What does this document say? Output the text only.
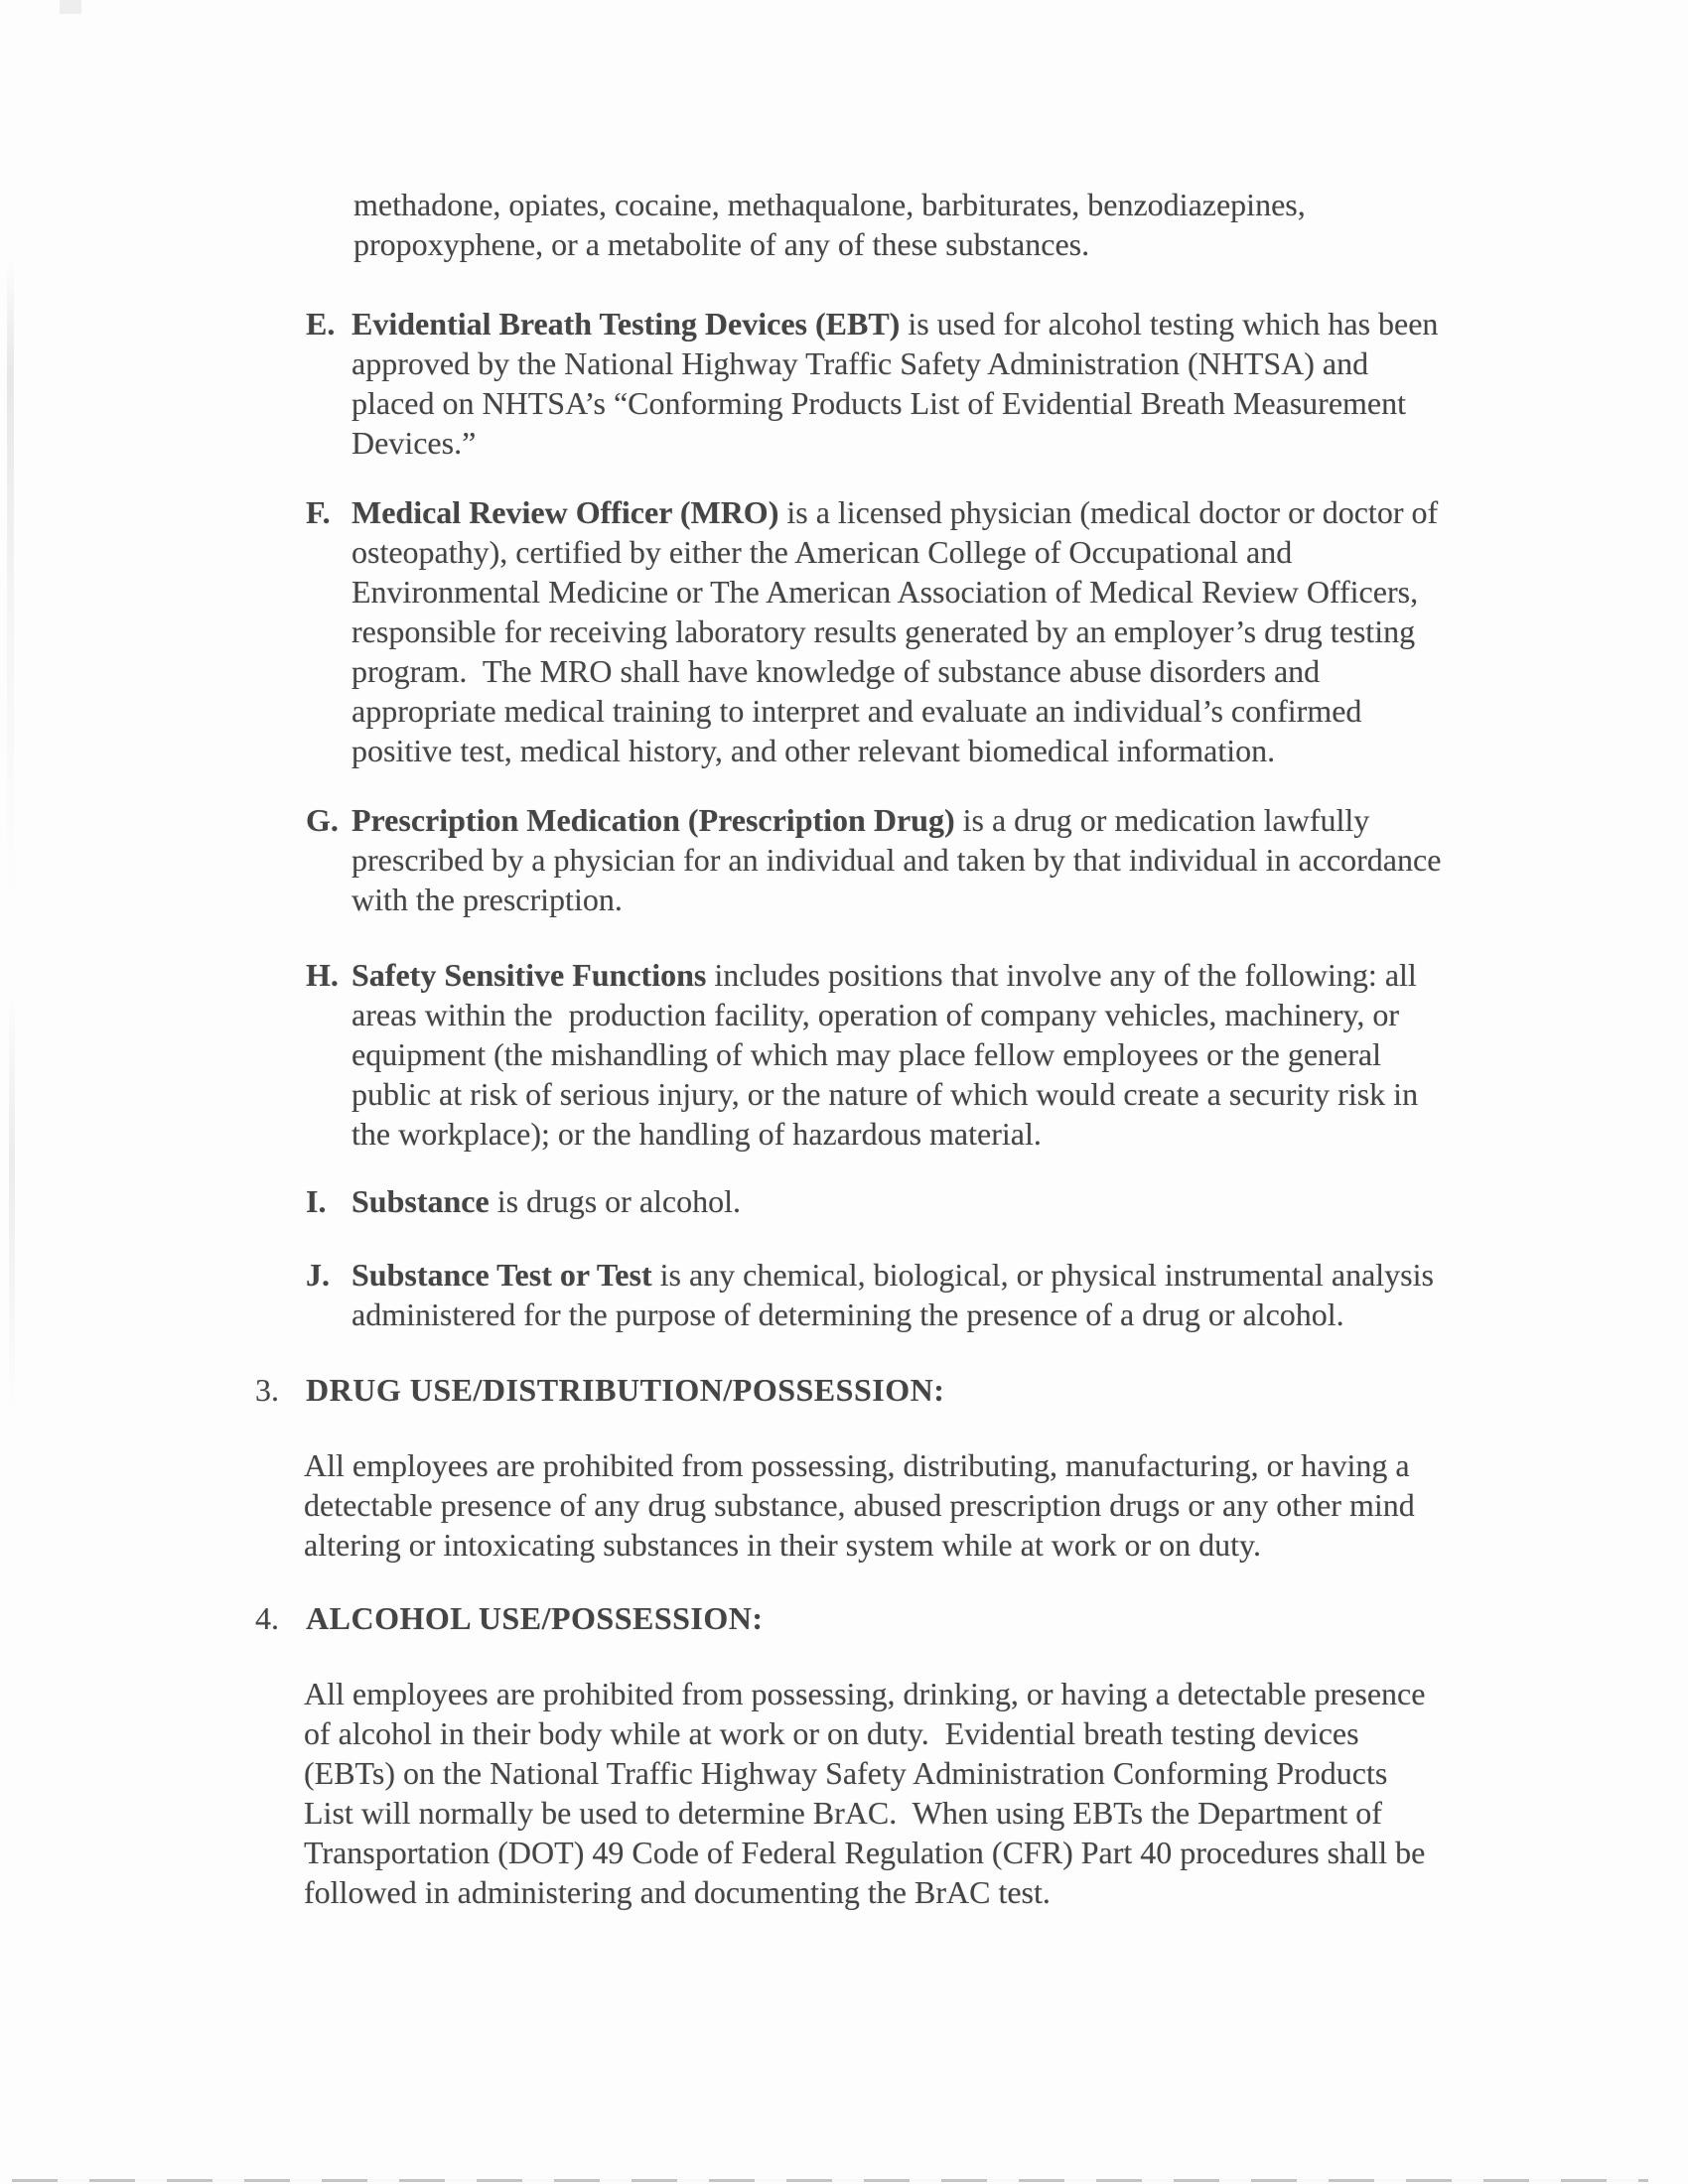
methadone, opiates, cocaine, methaqualone, barbiturates, benzodiazepines,
propoxyphene, or a metabolite of any of these substances.
E. Evidential Breath Testing Devices (EBT) is used for alcohol testing which has been
approved by the National Highway Traffic Safety Administration (NHTSA) and
placed on NHTSA’s “Conforming Products List of Evidential Breath Measurement
Devices.”
F. Medical Review Officer (MRO) is a licensed physician (medical doctor or doctor of
osteopathy), certified by either the American College of Occupational and
Environmental Medicine or The American Association of Medical Review Officers,
responsible for receiving laboratory results generated by an employer’s drug testing
program.  The MRO shall have knowledge of substance abuse disorders and
appropriate medical training to interpret and evaluate an individual’s confirmed
positive test, medical history, and other relevant biomedical information.
G. Prescription Medication (Prescription Drug) is a drug or medication lawfully
prescribed by a physician for an individual and taken by that individual in accordance
with the prescription.
H. Safety Sensitive Functions includes positions that involve any of the following: all
areas within the  production facility, operation of company vehicles, machinery, or
equipment (the mishandling of which may place fellow employees or the general
public at risk of serious injury, or the nature of which would create a security risk in
the workplace); or the handling of hazardous material.
I. Substance is drugs or alcohol.
J. Substance Test or Test is any chemical, biological, or physical instrumental analysis
administered for the purpose of determining the presence of a drug or alcohol.
3. DRUG USE/DISTRIBUTION/POSSESSION:
All employees are prohibited from possessing, distributing, manufacturing, or having a
detectable presence of any drug substance, abused prescription drugs or any other mind
altering or intoxicating substances in their system while at work or on duty.
4. ALCOHOL USE/POSSESSION:
All employees are prohibited from possessing, drinking, or having a detectable presence
of alcohol in their body while at work or on duty.  Evidential breath testing devices
(EBTs) on the National Traffic Highway Safety Administration Conforming Products
List will normally be used to determine BrAC.  When using EBTs the Department of
Transportation (DOT) 49 Code of Federal Regulation (CFR) Part 40 procedures shall be
followed in administering and documenting the BrAC test.
